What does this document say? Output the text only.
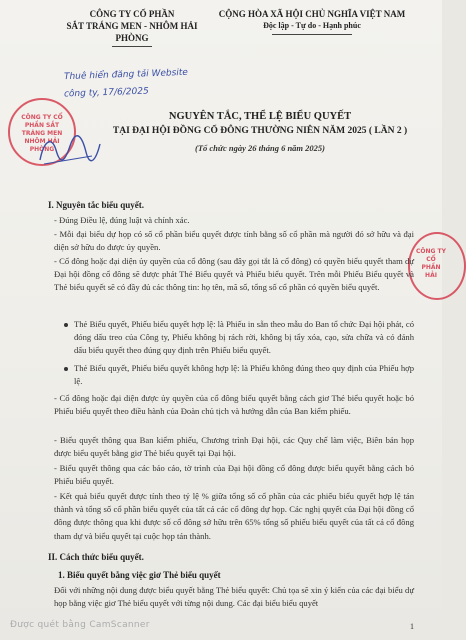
CÔNG TY CỔ PHẦN
SẮT TRÁNG MEN - NHÔM HẢI PHÒNG
CỘNG HÒA XÃ HỘI CHỦ NGHĨA VIỆT NAM
Độc lập - Tự do - Hạnh phúc
Thuê hiển đăng tải Website
công ty, 17/6/2025
CÔNG TY CỔ PHẦN SẮT TRÁNG MEN NHÔM HẢI PHÒNG
CÔNG TY CỔ PHẦN HẢI
NGUYÊN TẮC, THỂ LỆ BIỂU QUYẾT
TẠI ĐẠI HỘI ĐỒNG CỔ ĐÔNG THƯỜNG NIÊN NĂM 2025 ( LẦN 2 )
(Tổ chức ngày 26 tháng 6 năm 2025)
I. Nguyên tắc biểu quyết.
- Đúng Điều lệ, đúng luật và chính xác.
- Mỗi đại biểu dự họp có số cổ phần biểu quyết được tính bằng số cổ phần mà người đó sở hữu và đại diện sở hữu do được ủy quyền.
- Cổ đông hoặc đại diện ủy quyền của cổ đông (sau đây gọi tắt là cổ đông) có quyền biểu quyết tham dự Đại hội đồng cổ đông sẽ được phát Thẻ Biểu quyết và Phiếu biểu quyết. Trên mỗi Phiếu Biểu quyết và Thẻ biểu quyết sẽ có đầy đủ các thông tin: họ tên, mã số, tổng số cổ phần có quyền biểu quyết.
Thẻ Biểu quyết, Phiếu biểu quyết hợp lệ: là Phiếu in sẵn theo mẫu do Ban tổ chức Đại hội phát, có đóng dấu treo của Công ty, Phiếu không bị rách rời, không bị tẩy xóa, cạo, sửa chữa và có đánh dấu biểu quyết theo đúng quy định trên Phiếu biểu quyết.
Thẻ Biểu quyết, Phiếu biểu quyết không hợp lệ: là Phiếu không đúng theo quy định của Phiếu hợp lệ.
- Cổ đông hoặc đại diện được ủy quyền của cổ đông biểu quyết bằng cách giơ Thẻ biểu quyết hoặc bỏ Phiếu biểu quyết theo điều hành của Đoàn chủ tịch và hướng dẫn của Ban kiểm phiếu.
- Biểu quyết thông qua Ban kiểm phiếu, Chương trình Đại hội, các Quy chế làm việc, Biên bản họp được biểu quyết bằng giơ Thẻ biểu quyết tại Đại hội.
- Biểu quyết thông qua các báo cáo, tờ trình của Đại hội đồng cổ đông được biểu quyết bằng cách bỏ Phiếu biểu quyết.
- Kết quả biểu quyết được tính theo tỷ lệ % giữa tổng số cổ phần của các phiếu biểu quyết hợp lệ tán thành và tổng số cổ phần biểu quyết của tất cả các cổ đông dự họp. Các nghị quyết của Đại hội đồng cổ đông được thông qua khi được số cổ đông sở hữu trên 65% tổng số phiếu biểu quyết của tất cả cổ đông tham dự và biểu quyết tại cuộc họp tán thành.
II. Cách thức biểu quyết.
1. Biểu quyết bằng việc giơ Thẻ biểu quyết
Đối với những nội dung được biểu quyết bằng Thẻ biểu quyết: Chủ tọa sẽ xin ý kiến của các đại biểu dự họp bằng việc giơ Thẻ biểu quyết với từng nội dung. Các đại biểu biểu quyết
Được quét bằng CamScanner	1
